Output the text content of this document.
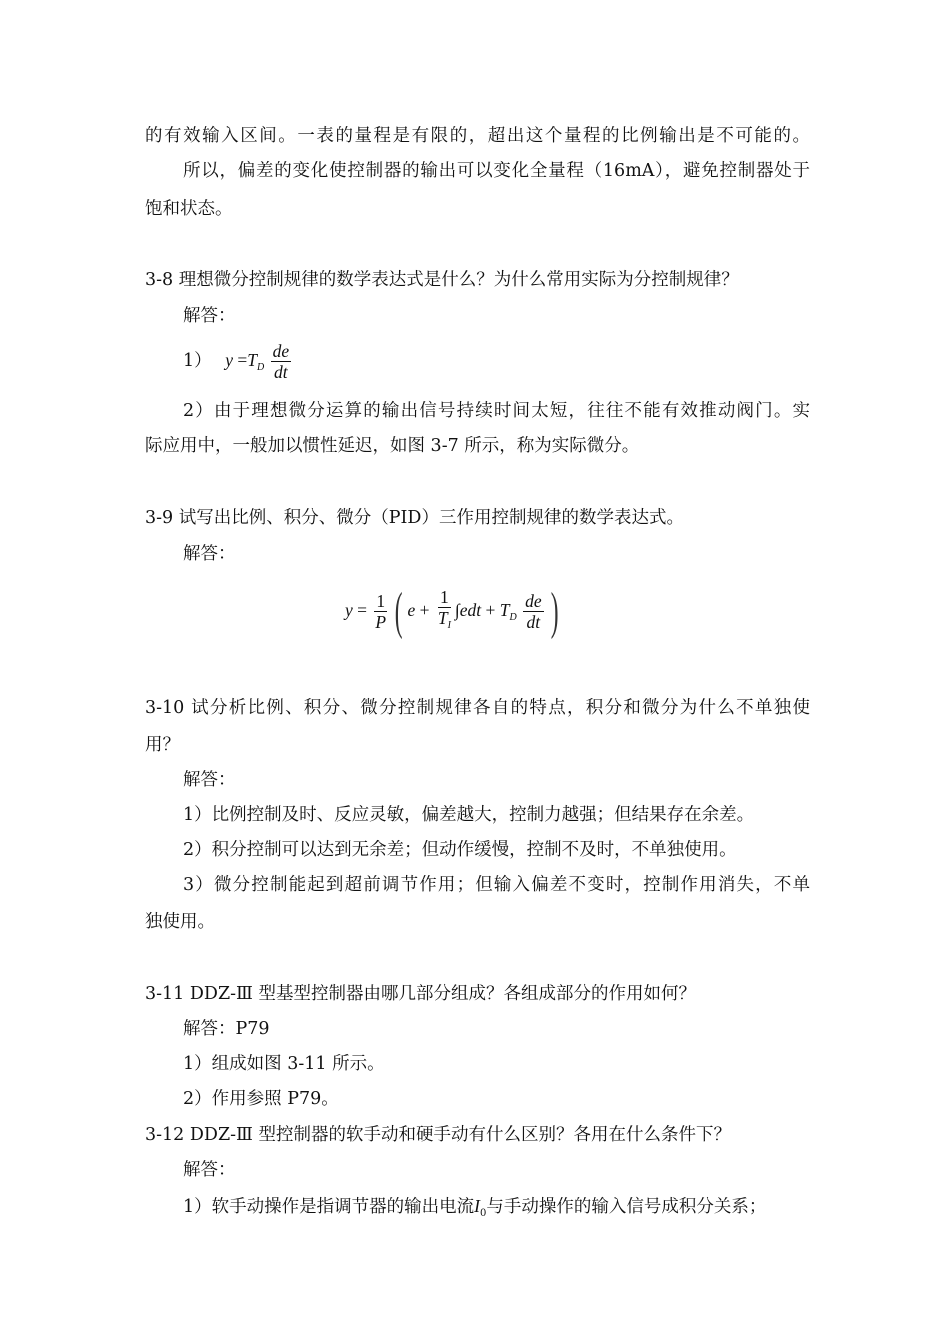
的有效输入区间。一表的量程是有限的，超出这个量程的比例输出是不可能的。
所以，偏差的变化使控制器的输出可以变化全量程（16mA），避免控制器处于
饱和状态。
3-8 理想微分控制规律的数学表达式是什么？为什么常用实际为分控制规律？
解答：
1） $y =T_D \frac{de}{dt}$
2）由于理想微分运算的输出信号持续时间太短，往往不能有效推动阀门。实
际应用中，一般加以惯性延迟，如图 3-7 所示，称为实际微分。
3-9 试写出比例、积分、微分（PID）三作用控制规律的数学表达式。
解答：
$y = \frac{1}{P}$ ( $e + \frac{1}{T_I} \int edt + T_D \frac{de}{dt}$ )
3-10 试分析比例、积分、微分控制规律各自的特点，积分和微分为什么不单独使
用？
解答：
1）比例控制及时、反应灵敏，偏差越大，控制力越强；但结果存在余差。
2）积分控制可以达到无余差；但动作缓慢，控制不及时，不单独使用。
3）微分控制能起到超前调节作用；但输入偏差不变时，控制作用消失，不单
独使用。
3-11 DDZ-Ⅲ 型基型控制器由哪几部分组成？各组成部分的作用如何？
解答：P79
1）组成如图 3-11 所示。
2）作用参照 P79。
3-12 DDZ-Ⅲ 型控制器的软手动和硬手动有什么区别？各用在什么条件下？
解答：
1）软手动操作是指调节器的输出电流$I_0$与手动操作的输入信号成积分关系；
